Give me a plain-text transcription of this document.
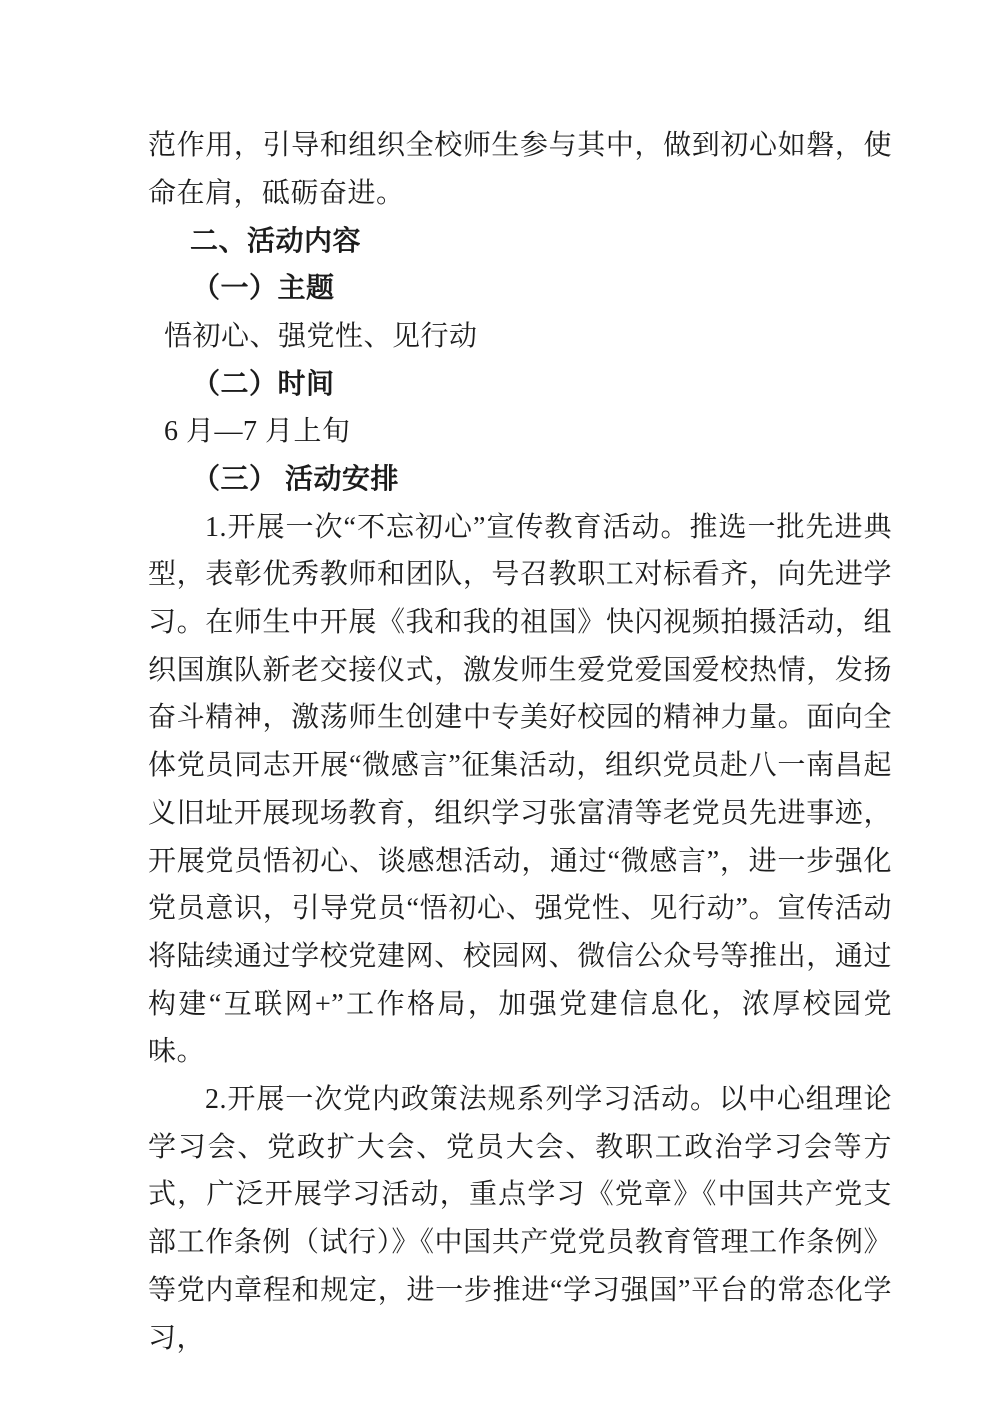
范作用，引导和组织全校师生参与其中，做到初心如磐，使命在肩，砥砺奋进。

二、活动内容

（一）主题

悟初心、强党性、见行动

（二）时间

6 月—7 月上旬

（三） 活动安排

1.开展一次“不忘初心”宣传教育活动。推选一批先进典型，表彰优秀教师和团队，号召教职工对标看齐，向先进学习。在师生中开展《我和我的祖国》快闪视频拍摄活动，组织国旗队新老交接仪式，激发师生爱党爱国爱校热情，发扬奋斗精神，激荡师生创建中专美好校园的精神力量。面向全体党员同志开展“微感言”征集活动，组织党员赴八一南昌起义旧址开展现场教育，组织学习张富清等老党员先进事迹，开展党员悟初心、谈感想活动，通过“微感言”，进一步强化党员意识，引导党员“悟初心、强党性、见行动”。宣传活动将陆续通过学校党建网、校园网、微信公众号等推出，通过构建“互联网+”工作格局，加强党建信息化，浓厚校园党味。

2.开展一次党内政策法规系列学习活动。以中心组理论学习会、党政扩大会、党员大会、教职工政治学习会等方式，广泛开展学习活动，重点学习《党章》《中国共产党支部工作条例（试行）》《中国共产党党员教育管理工作条例》等党内章程和规定，进一步推进“学习强国”平台的常态化学习，
